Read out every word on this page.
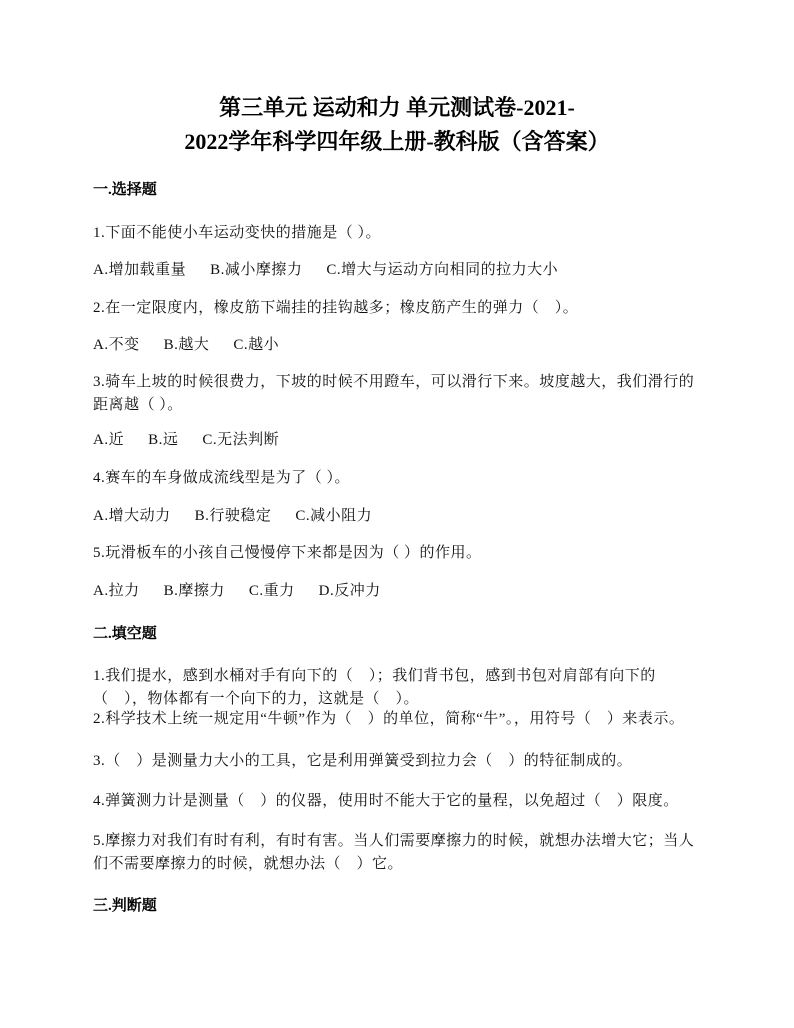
第三单元 运动和力 单元测试卷-2021-
2022学年科学四年级上册-教科版（含答案）
一.选择题
1.下面不能使小车运动变快的措施是（ ）。
A.增加载重量 B.减小摩擦力 C.增大与运动方向相同的拉力大小
2.在一定限度内，橡皮筋下端挂的挂钩越多；橡皮筋产生的弹力（　）。
A.不变 B.越大 C.越小
3.骑车上坡的时候很费力，下坡的时候不用蹬车，可以滑行下来。坡度越大，我们滑行的距离越（ ）。
A.近 B.远 C.无法判断
4.赛车的车身做成流线型是为了（ ）。
A.增大动力 B.行驶稳定 C.减小阻力
5.玩滑板车的小孩自己慢慢停下来都是因为（ ）的作用。
A.拉力 B.摩擦力 C.重力 D.反冲力
二.填空题
1.我们提水，感到水桶对手有向下的（　）；我们背书包，感到书包对肩部有向下的（　），物体都有一个向下的力，这就是（　）。
2.科学技术上统一规定用“牛顿”作为（　）的单位，简称“牛”。，用符号（　）来表示。
3.（　）是测量力大小的工具，它是利用弹簧受到拉力会（　）的特征制成的。
4.弹簧测力计是测量（　）的仪器，使用时不能大于它的量程，以免超过（　）限度。
5.摩擦力对我们有时有利，有时有害。当人们需要摩擦力的时候，就想办法增大它；当人们不需要摩擦力的时候，就想办法（　）它。
三.判断题
